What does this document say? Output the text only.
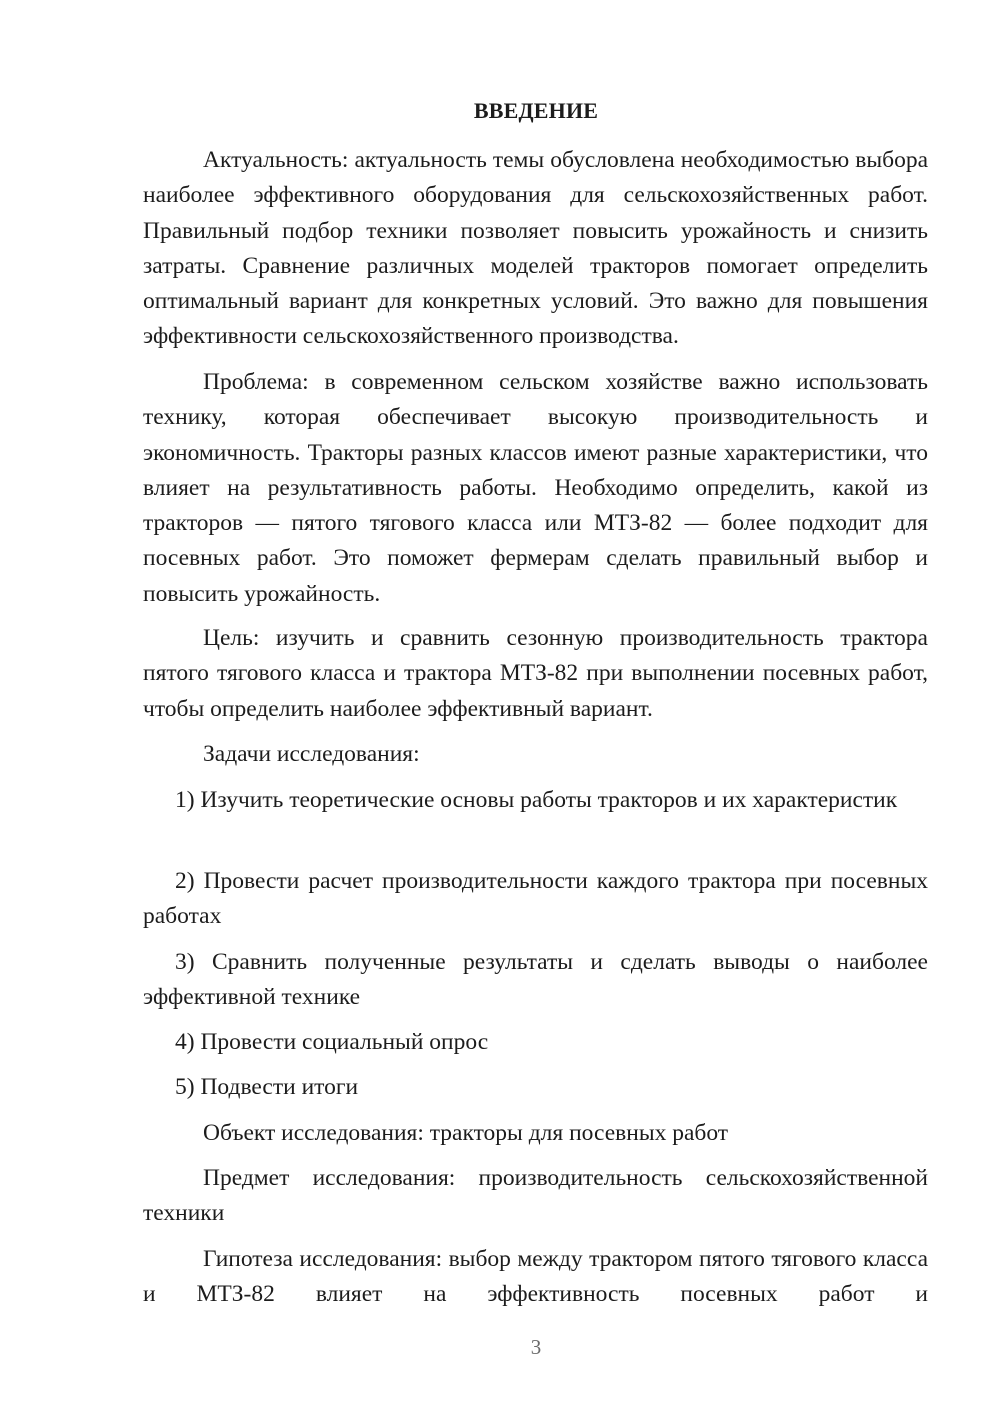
ВВЕДЕНИЕ
Актуальность: актуальность темы обусловлена необходимостью выбора наиболее эффективного оборудования для сельскохозяйственных работ. Правильный подбор техники позволяет повысить урожайность и снизить затраты. Сравнение различных моделей тракторов помогает определить оптимальный вариант для конкретных условий. Это важно для повышения эффективности сельскохозяйственного производства.
Проблема: в современном сельском хозяйстве важно использовать технику, которая обеспечивает высокую производительность и экономичность. Тракторы разных классов имеют разные характеристики, что влияет на результативность работы. Необходимо определить, какой из тракторов — пятого тягового класса или МТЗ-82 — более подходит для посевных работ. Это поможет фермерам сделать правильный выбор и повысить урожайность.
Цель: изучить и сравнить сезонную производительность трактора пятого тягового класса и трактора МТЗ-82 при выполнении посевных работ, чтобы определить наиболее эффективный вариант.
Задачи исследования:
1) Изучить теоретические основы работы тракторов и их характеристик
2) Провести расчет производительности каждого трактора при посевных работах
3) Сравнить полученные результаты и сделать выводы о наиболее эффективной технике
4) Провести социальный опрос
5) Подвести итоги
Объект исследования: тракторы для посевных работ
Предмет исследования: производительность сельскохозяйственной техники
Гипотеза исследования: выбор между трактором пятого тягового класса и МТЗ-82 влияет на эффективность посевных работ и
3
